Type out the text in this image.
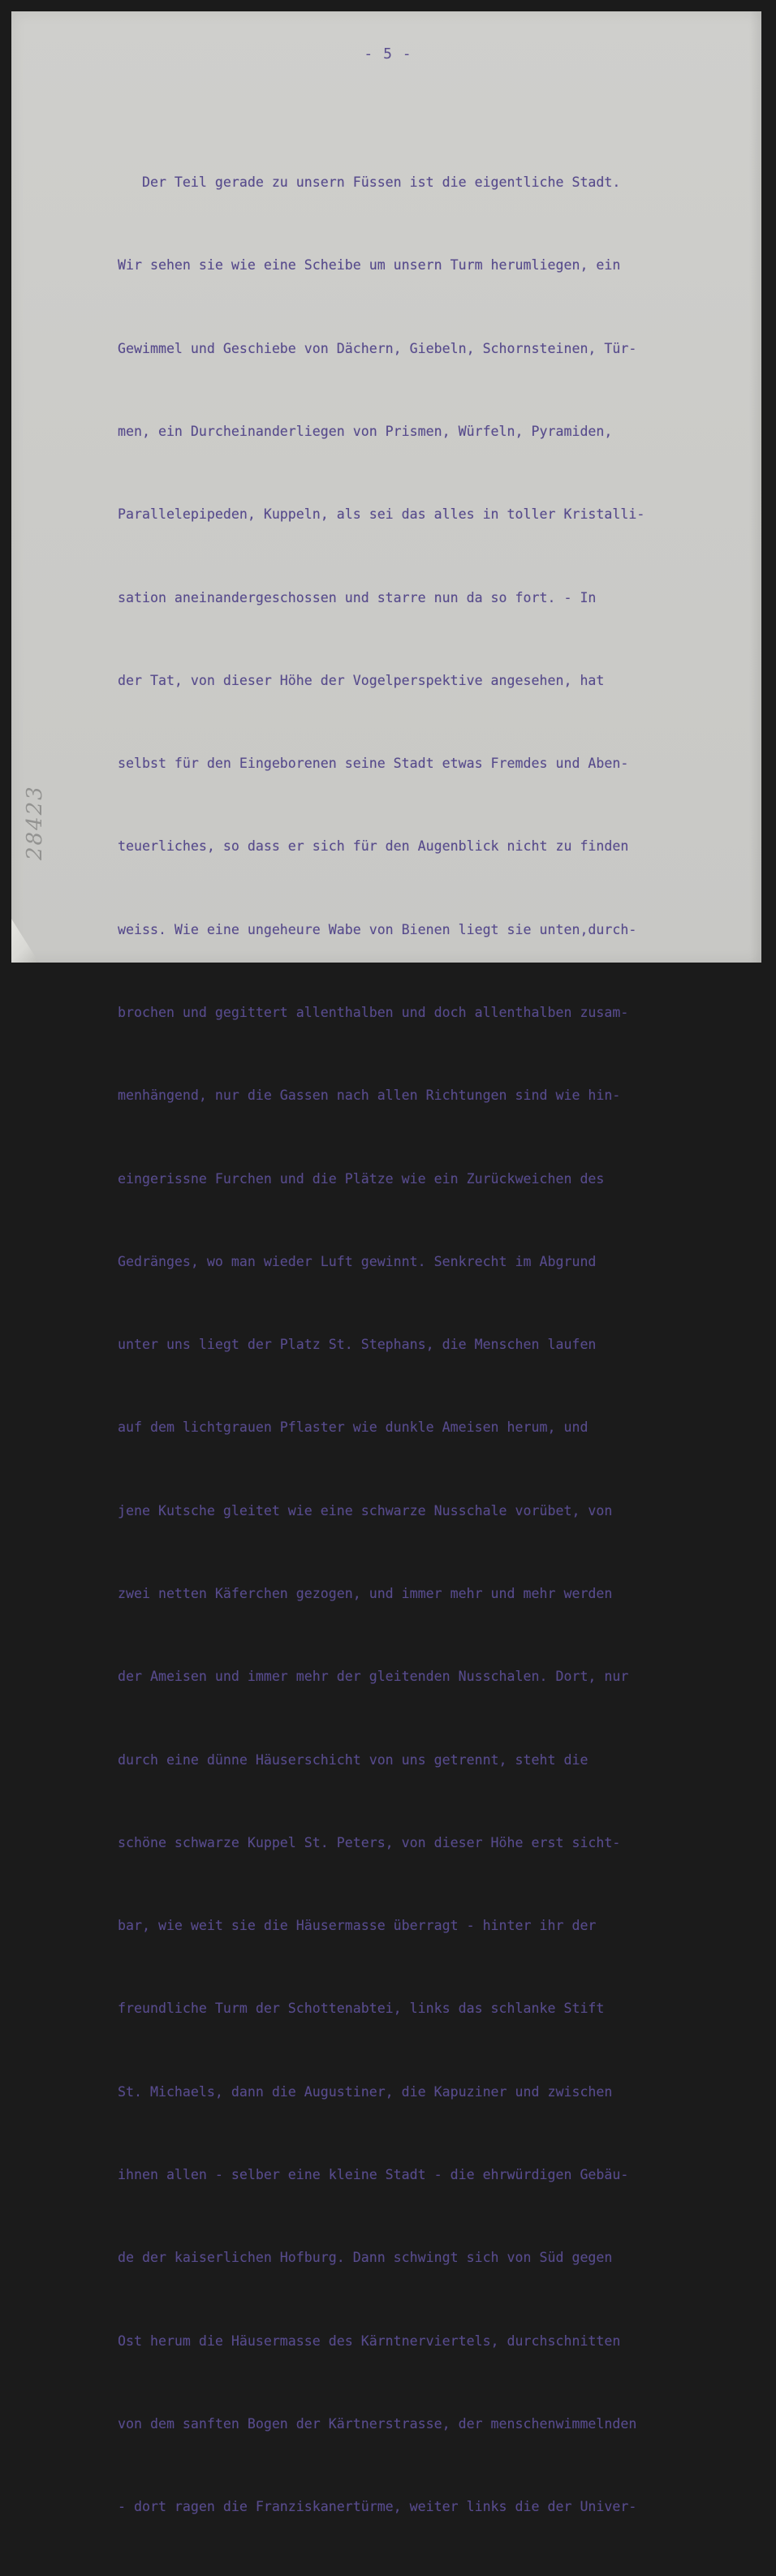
- 5 -

Der Teil gerade zu unsern Füssen ist die eigentliche Stadt.

Wir sehen sie wie eine Scheibe um unsern Turm herumliegen, ein

Gewimmel und Geschiebe von Dächern, Giebeln, Schornsteinen, Tür-

men, ein Durcheinanderliegen von Prismen, Würfeln, Pyramiden,

Parallelepipeden, Kuppeln, als sei das alles in toller Kristalli-

sation aneinandergeschossen und starre nun da so fort. - In

der Tat, von dieser Höhe der Vogelperspektive angesehen, hat

selbst für den Eingeborenen seine Stadt etwas Fremdes und Aben-

teuerliches, so dass er sich für den Augenblick nicht zu finden

weiss. Wie eine ungeheure Wabe von Bienen liegt sie unten,durch-

brochen und gegittert allenthalben und doch allenthalben zusam-

menhängend, nur die Gassen nach allen Richtungen sind wie hin-

eingerissne Furchen und die Plätze wie ein Zurückweichen des

Gedränges, wo man wieder Luft gewinnt. Senkrecht im Abgrund

unter uns liegt der Platz St. Stephans, die Menschen laufen

auf dem lichtgrauen Pflaster wie dunkle Ameisen herum, und

jene Kutsche gleitet wie eine schwarze Nusschale vorübet, von

zwei netten Käferchen gezogen, und immer mehr und mehr werden

der Ameisen und immer mehr der gleitenden Nusschalen. Dort, nur

durch eine dünne Häuserschicht von uns getrennt, steht die

schöne schwarze Kuppel St. Peters, von dieser Höhe erst sicht-

bar, wie weit sie die Häusermasse überragt - hinter ihr der

freundliche Turm der Schottenabtei, links das schlanke Stift

St. Michaels, dann die Augustiner, die Kapuziner und zwischen

ihnen allen - selber eine kleine Stadt - die ehrwürdigen Gebäu-

de der kaiserlichen Hofburg. Dann schwingt sich von Süd gegen

Ost herum die Häusermasse des Kärntnerviertels, durchschnitten

von dem sanften Bogen der Kärtnerstrasse, der menschenwimmelnden

- dort ragen die Franziskanertürme, weiter links die der Univer-

28423
